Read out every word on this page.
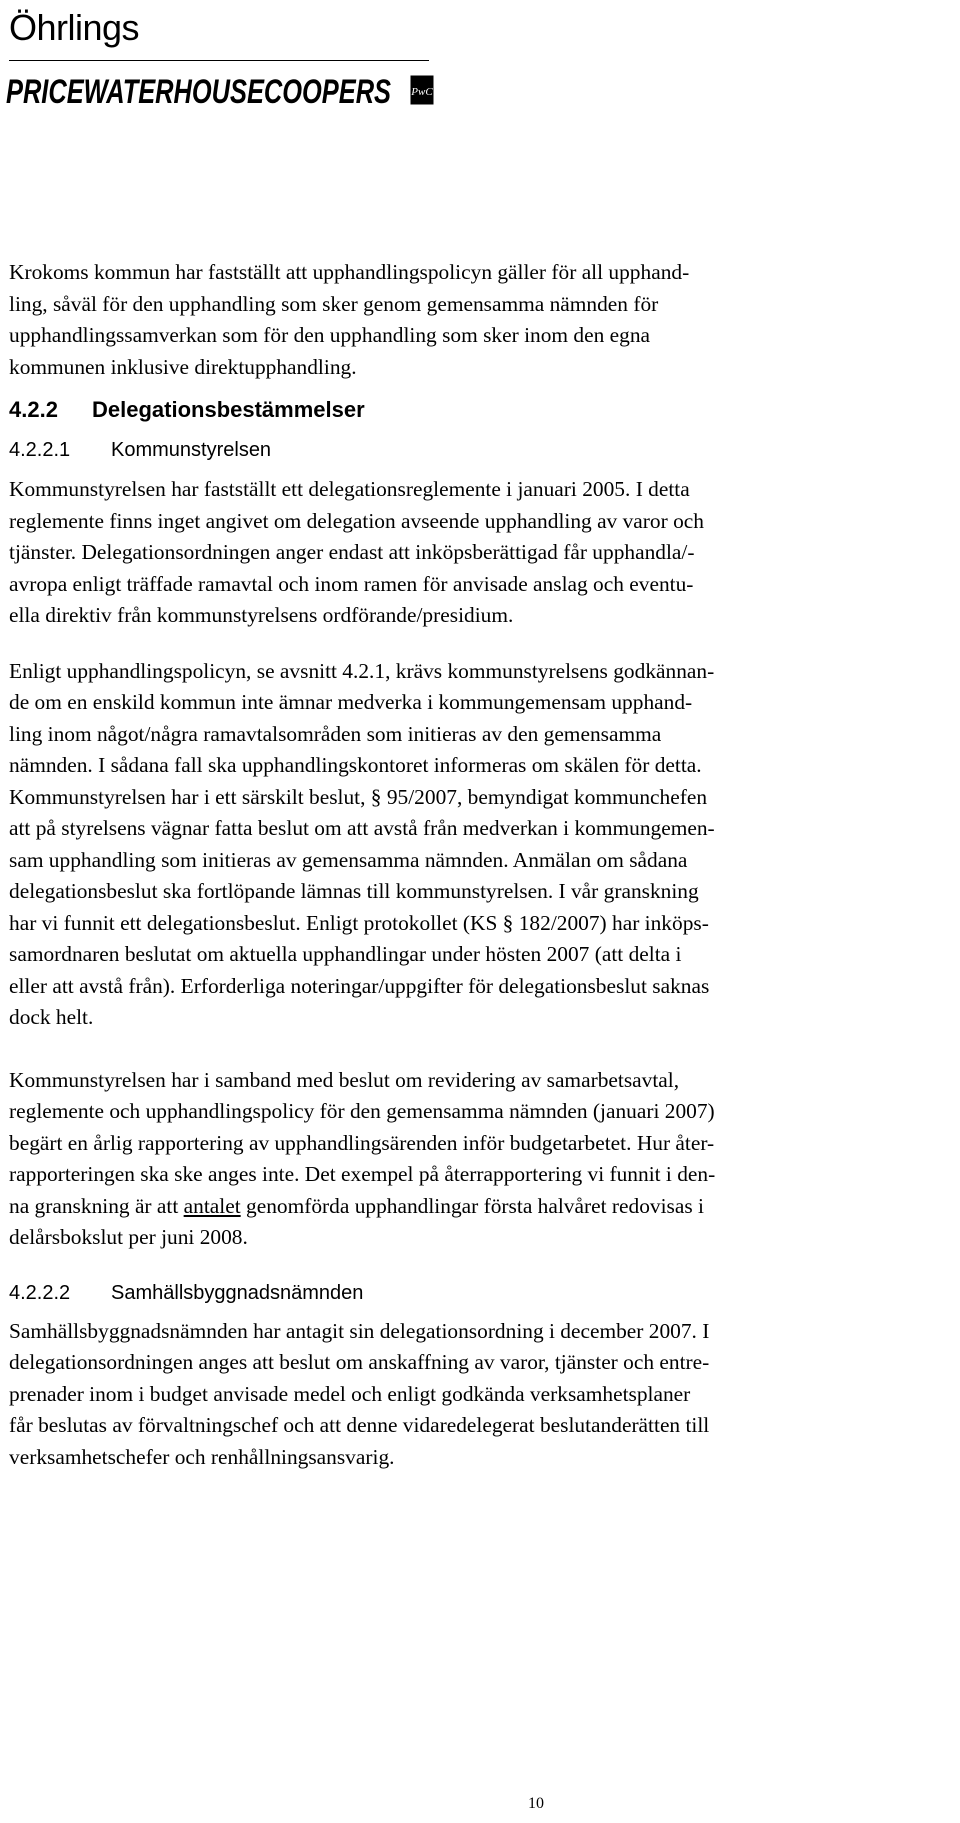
Öhrlings
PRICEWATERHOUSECOOPERS PwC

Krokoms kommun har fastställt att upphandlingspolicyn gäller för all upphand-
ling, såväl för den upphandling som sker genom gemensamma nämnden för
upphandlingssamverkan som för den upphandling som sker inom den egna
kommunen inklusive direktupphandling.

4.2.2	Delegationsbestämmelser
4.2.2.1	Kommunstyrelsen

Kommunstyrelsen har fastställt ett delegationsreglemente i januari 2005. I detta
reglemente finns inget angivet om delegation avseende upphandling av varor och
tjänster. Delegationsordningen anger endast att inköpsberättigad får upphandla/-
avropa enligt träffade ramavtal och inom ramen för anvisade anslag och eventu-
ella direktiv från kommunstyrelsens ordförande/presidium.

Enligt upphandlingspolicyn, se avsnitt 4.2.1, krävs kommunstyrelsens godkännan-
de om en enskild kommun inte ämnar medverka i kommungemensam upphand-
ling inom något/några ramavtalsområden som initieras av den gemensamma
nämnden. I sådana fall ska upphandlingskontoret informeras om skälen för detta.
Kommunstyrelsen har i ett särskilt beslut, § 95/2007, bemyndigat kommunchefen
att på styrelsens vägnar fatta beslut om att avstå från medverkan i kommungemen-
sam upphandling som initieras av gemensamma nämnden. Anmälan om sådana
delegationsbeslut ska fortlöpande lämnas till kommunstyrelsen. I vår granskning
har vi funnit ett delegationsbeslut. Enligt protokollet (KS § 182/2007) har inköps-
samordnaren beslutat om aktuella upphandlingar under hösten 2007 (att delta i
eller att avstå från). Erforderliga noteringar/uppgifter för delegationsbeslut saknas
dock helt.

Kommunstyrelsen har i samband med beslut om revidering av samarbetsavtal,
reglemente och upphandlingspolicy för den gemensamma nämnden (januari 2007)
begärt en årlig rapportering av upphandlingsärenden inför budgetarbetet. Hur åter-
rapporteringen ska ske anges inte. Det exempel på återrapportering vi funnit i den-
na granskning är att antalet genomförda upphandlingar första halvåret redovisas i
delårsbokslut per juni 2008.

4.2.2.2	Samhällsbyggnadsnämnden

Samhällsbyggnadsnämnden har antagit sin delegationsordning i december 2007. I
delegationsordningen anges att beslut om anskaffning av varor, tjänster och entre-
prenader inom i budget anvisade medel och enligt godkända verksamhetsplaner
får beslutas av förvaltningschef och att denne vidaredelegerat beslutanderätten till
verksamhetschefer och renhållningsansvarig.

10
